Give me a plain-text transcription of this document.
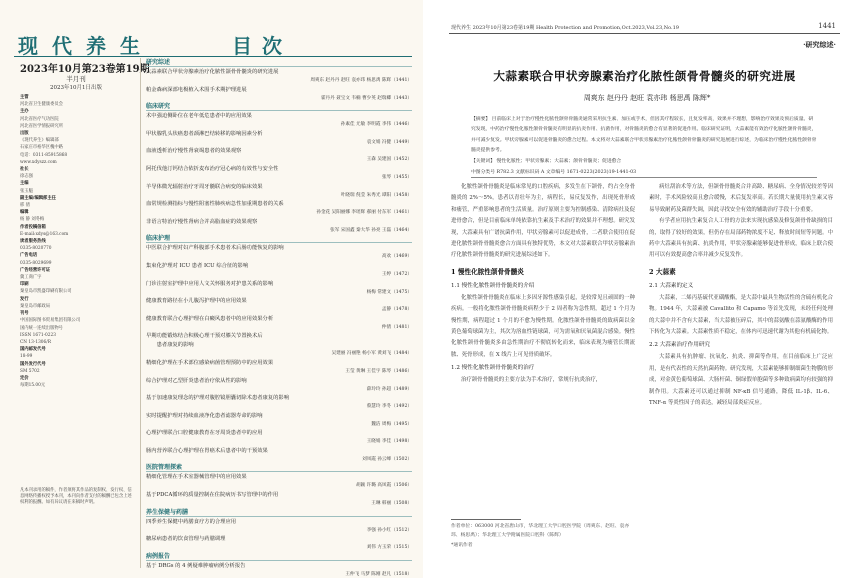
现代养生	目次
2023年10月第23卷第19期
半月刊
2023年10月1日出版
主管
河北省卫生健康委员会
主办
河北省医疗气功医院
河北省医学情报研究所
出版
《现代养生》编辑部
石家庄市裕华区槐中路
电话：0311-85915868
www.xdyszz.com
社长
徐志强
主编
张玉魁
副主编/编辑部主任
邢 倩
编辑
杨 静 刘冬梅
作者投稿信箱
E-mail:xdys@163.com
读者服务热线
0335-8020770
广告电话
0335-8029699
广告经营许可证
冀工商广字
印刷
秦皇岛市凯盛印刷有限公司
发行
秦皇岛市邮政局
刊号
中国国际图书贸易集团有限公司
国内统一连续出版物号
ISSN 1671-0223
CN 13-1306/R
国内邮发代号
18-99
国外发行代号
SM 5702
定价
每期15.00元
凡本刊录用的稿件，作者须将其作品的复制权、发行权、信息网络传播权授予本刊，本刊向作者支付的稿酬已包含上述权利的报酬。如有异议请在来稿时声明。
研究综述
大蒜素联合甲状旁腺素治疗化脓性颌骨骨髓炎的研究进展
周爽东 赵丹丹 赵旺 袁亦玮 杨思禹 陈辉（1441）
帕金森病深部电极植入术围手术期护理进展
霍丹丹 聂宝文 韦楠 曹少英 赵瑞卿（1443）
临床研究
术中强迫侧卧位在老年低危患者中的应用效果
孙素佳 尤敏 李明霞 李伟（1446）
甲状腺乳头状癌患者颈淋巴结转移的影响因素分析
袁文娟 冯健（1449）
血液透析治疗慢性肾衰竭患者的效果观察
王森 吴建国（1452）
阿托伐他汀钙结合依折麦布治疗冠心病的有效性与安全性
张琴（1455）
羊导体微光辐射治疗牙周牙髓联合病变的临床效果
叶晓瑞 倪莹 朱秀光 谭阳（1458）
血常规检测指标与慢性阻塞性肺疾病急性加重期患者的关系
孙金花 吴阳丽娜 李瑶辉 郝丽 付东军（1461）
非语言特治疗慢性肾病合并高脂血症的效果观察
张军 宋国鑫 秦大华 孙亮 王磊（1464）
临床护理
中医联合护理对妇产科腹部手术患者术后肠功能恢复的影响
高欢（1469）
集束化护理对 ICU 患者 ICU 综合征的影响
王婷（1472）
门诊注射室护理中应用人文关怀服务对护患关系的影响
杨梅 常建文（1475）
健康教育路径在小儿腹泻护理中的应用效果
孟静（1478）
健康教育联合心理护理在白癜风患者中的应用效果分析
仲倩（1481）
早期功能锻炼结合积极心理干预对膝关节置换术后
　　患者康复的影响
吴建丽 冯丽艳 杨小军 黄刘飞（1484）
精细化护理在手术部位感染病菌管理预防中的应用效果
王莹 黄琳 王佳宇 陈琴（1486）
综合护理对乙型肝炎患者治疗依从性的影响
薛玲玲 孙超（1489）
基于加速康复理念的护理对腹腔镜胆囊切除术患者康复的影响
蔡慧玲 李冬（1492）
实时提醒护理对持续血液净化患者滤器寿命的影响
魏洁 周梅（1495）
心理护理联合口腔健康教育在牙周炎患者中的应用
王晓娟 李佳（1498）
肠内营养联合心理护理在胃癌术后患者中的干预效果
刘凤霞 孙云峰（1502）
医院管理探索
精细化管理在手术室器械管理中的应用效果
胡颖 许璐 高凤霞（1506）
基于PDCA循环的质量控制在住院病历书写管理中的作用
王琳 韩丽（1508）
养生保健与药膳
四季养生保健中药膳食疗方的合理应用
李强 孙小红（1512）
糖尿病患者的饮食管理与药膳调理
刘伟 方玉荣（1515）
病例报告
基于 DRGs 的 4 例疑难肿瘤病例分析报告
王仲飞 马梦 陈刚 赵凡（1518）
现代养生 2023年10月第23卷第19期 Health Protection and Promotion,Oct.2023,Vol.23,No.19	1441
·研究综述·
大蒜素联合甲状旁腺素治疗化脓性颌骨骨髓炎的研究进展
周爽东 赵丹丹 赵旺 袁亦玮 杨思禹 陈辉*
【摘要】 目前临床上对于治疗慢性化脓性颌骨骨髓炎通常采用抗生素、加压或手术，但因其疗程较长，且复发率高，效果并不理想，影响治疗效果及预后质量。研究发现，中药治疗慢性化脓性颌骨骨髓炎有明显的抗炎作用、抗菌作用，对骨髓炎的愈合有显著的促进作用。临床研究证明，大蒜素能有效治疗化脓性颌骨骨髓炎，并可减少复发。甲状旁腺素可以促进骨髓炎的愈合过程。本文将对大蒜素联合甲状旁腺素治疗化脓性颌骨骨髓炎的研究进展进行综述，为临床治疗慢性化脓性颌骨骨髓炎提供参考。
【关键词】 慢性化脓性；甲状旁腺素；大蒜素；颌骨骨髓炎；促进愈合
中图分类号 R782.3 文献标识码 A 文章编号 1671-0223(2023)19-1441-03
化脓性颌骨骨髓炎是临床常见的口腔疾病，多发生在下颌骨，约占全身骨髓炎的 2%～5%，患者以青壮年为主，病程长，易反复发作，出现死骨形成和瘘管，严重影响患者的生活质量。治疗原则主要为控制感染、清除病灶及促进骨愈合，但是目前临床单纯依靠抗生素及手术治疗的效果并不理想。研究发现，大蒜素具有广谱抗菌作用，甲状旁腺素可以促进成骨，二者联合使用在促进化脓性颌骨骨髓炎愈合方面具有独特优势，本文对大蒜素联合甲状旁腺素治疗化脓性颌骨骨髓炎的研究进展综述如下。
1 慢性化脓性颌骨骨髓炎
1.1 慢性化脓性颌骨骨髓炎的介绍
化脓性颌骨骨髓炎在临床上多因牙源性感染引起，是较常见且顽固的一种疾病。一般将化脓性颌骨骨髓炎病程少于 2 周者称为急性期，超过 1 个月为慢性期，病程超过 1 个月的不愈为慢性期。化脓性颌骨骨髓炎的致病菌以金黄色葡萄球菌为主，其次为溶血性链球菌，可为需氧和厌氧菌混合感染。慢性化脓性颌骨骨髓炎多由急性期治疗不彻底转化而来，临床表现为瘘管长期流脓、死骨形成，在 X 线片上可见骨质破坏。
1.2 慢性化脓性颌骨骨髓炎的治疗
治疗颌骨骨髓炎的主要方法为手术治疗，常规行抗炎治疗，
病灶刮治术等方法，但颌骨骨髓炎合并高龄、糖尿病、全身情况较差等因素时，手术风险较高且愈合缓慢，术后复发率高。若长期大量使用抗生素又容易导致耐药及菌群失调，因此寻找安全有效的辅助治疗手段十分重要。
有学者应用抗生素复合人工骨的方法来实现抗感染及修复颌骨骨缺损的目的，取得了较好的效果，但仍存在局部药物浓度不足、释放时间短等问题。中药中大蒜素具有抗菌、抗炎作用，甲状旁腺素能够促进骨形成，临床上联合使用可以有效提高愈合率并减少反复发作。
2 大蒜素
2.1 大蒜素的定义
大蒜素，二烯丙基硫代亚磺酸酯，是大蒜中最具生物活性的含硫有机化合物。1944 年，大蒜素被 Cavallito 和 Capamo 等首先发现，未经任何处理的大蒜中并不含有大蒜素，当大蒜被压碎后，其中的蒜氨酸在蒜氨酸酶的作用下转化为大蒜素。大蒜素性质不稳定，在体内可迅速代谢为其他有机硫化物。
2.2 大蒜素治疗作用研究
大蒜素具有抗肿瘤、抗氧化、抗炎、抑菌等作用，在目前临床上广泛应用，是有代表性的天然抗菌药物。研究发现，大蒜素能够抑制细菌生物膜的形成，对金黄色葡萄球菌、大肠杆菌、铜绿假单胞菌等多种致病菌均有较强的抑制作用。大蒜素还可以通过抑制 NF-κB 信号通路，降低 IL-1β、IL-6、TNF-α 等炎性因子的表达，减轻局部炎症反应。
作者单位：063000 河北省唐山市，华北理工大学口腔医学院（周爽东、赵旺、袁亦玮、杨思禹）；华北理工大学附属医院口腔科（陈辉）
*通讯作者
